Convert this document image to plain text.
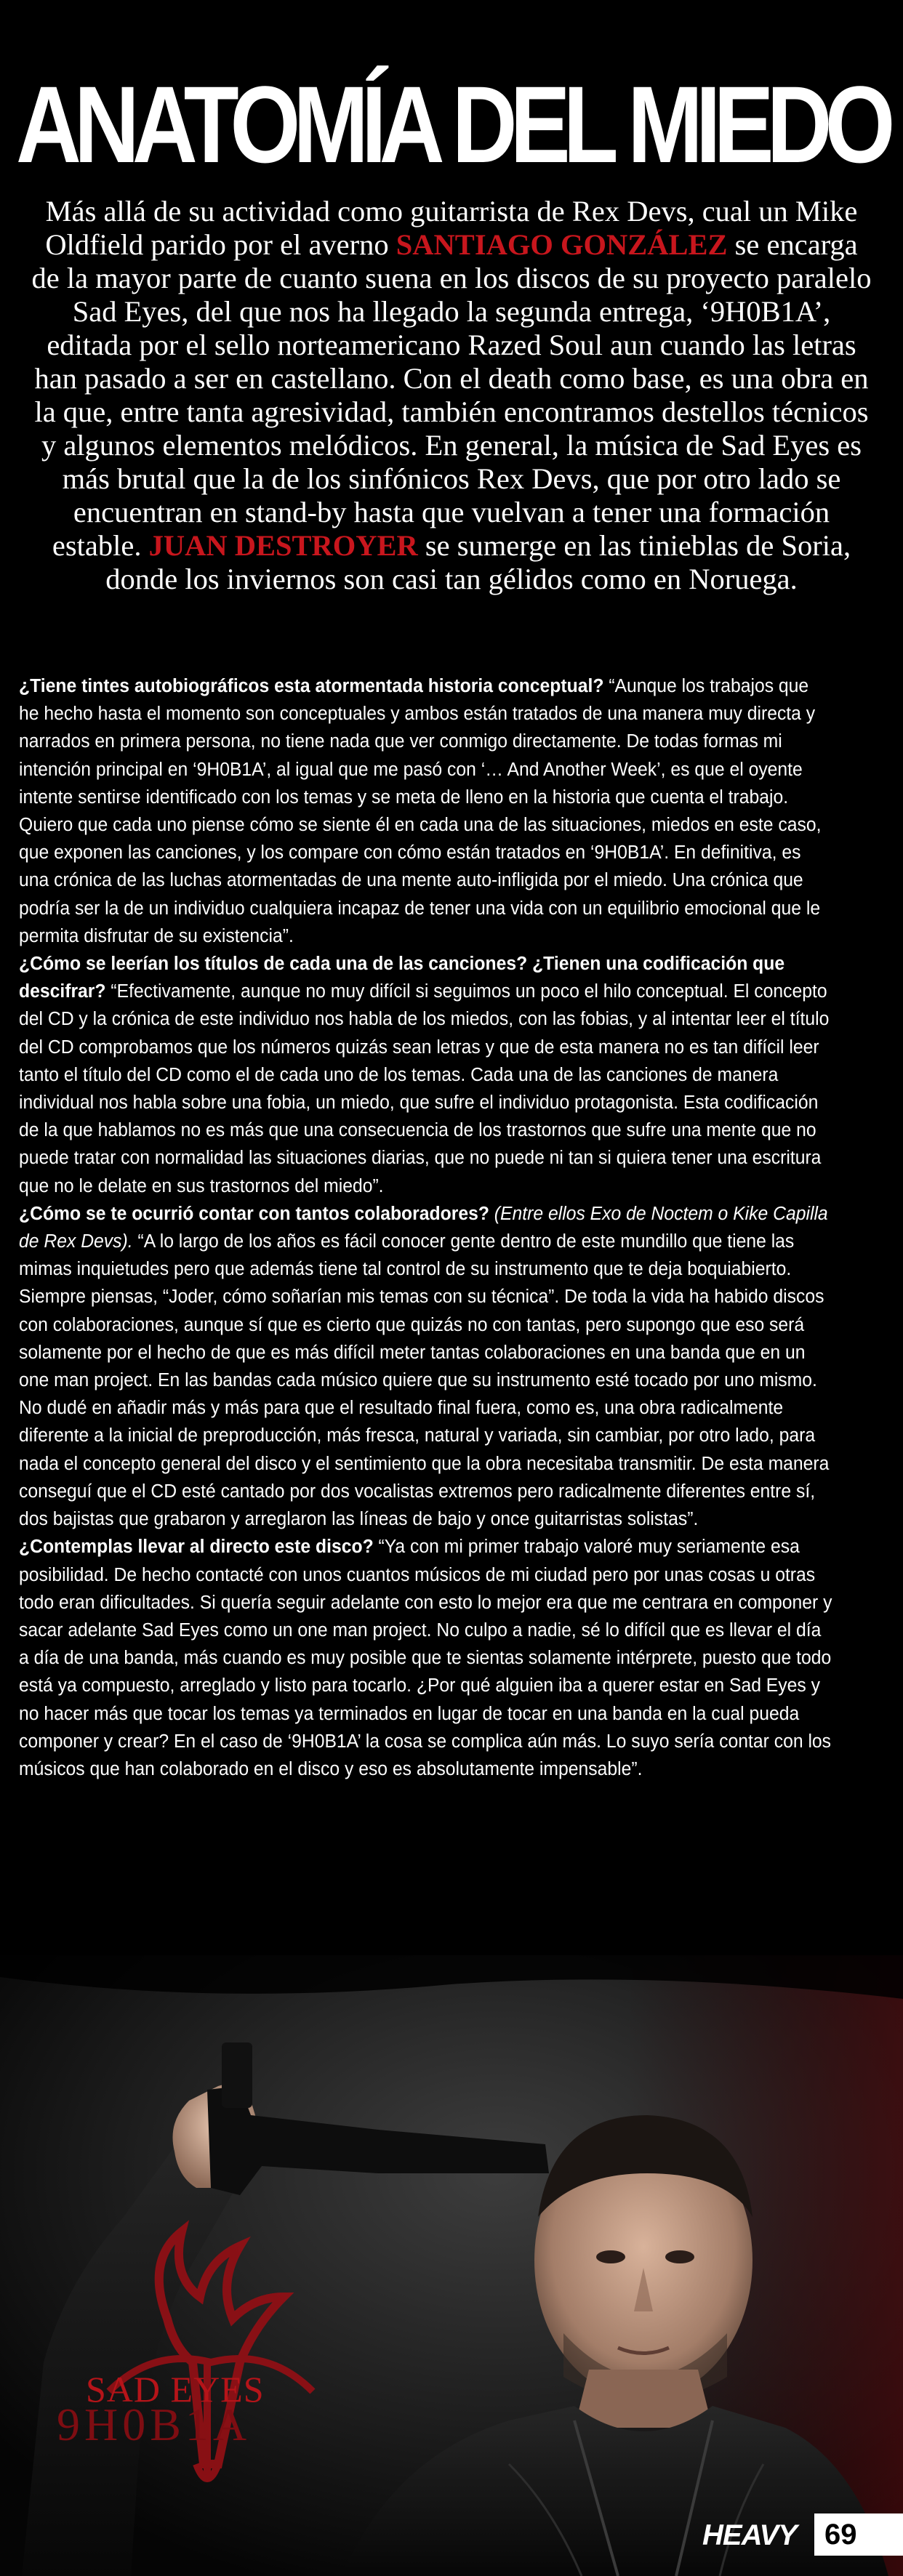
ANATOMÍA DEL MIEDO

Más allá de su actividad como guitarrista de Rex Devs, cual un Mike Oldfield parido por el averno SANTIAGO GONZÁLEZ se encarga de la mayor parte de cuanto suena en los discos de su proyecto paralelo Sad Eyes, del que nos ha llegado la segunda entrega, ‘9H0B1A’, editada por el sello norteamericano Razed Soul aun cuando las letras han pasado a ser en castellano. Con el death como base, es una obra en la que, entre tanta agresividad, también encontramos destellos técnicos y algunos elementos melódicos. En general, la música de Sad Eyes es más brutal que la de los sinfónicos Rex Devs, que por otro lado se encuentran en stand-by hasta que vuelvan a tener una formación estable. JUAN DESTROYER se sumerge en las tinieblas de Soria, donde los inviernos son casi tan gélidos como en Noruega.

¿Tiene tintes autobiográficos esta atormentada historia conceptual? “Aunque los trabajos que he hecho hasta el momento son conceptuales y ambos están tratados de una manera muy directa y narrados en primera persona, no tiene nada que ver conmigo directamente. De todas formas mi intención principal en ‘9H0B1A’, al igual que me pasó con ‘… And Another Week’, es que el oyente intente sentirse identificado con los temas y se meta de lleno en la historia que cuenta el trabajo. Quiero que cada uno piense cómo se siente él en cada una de las situaciones, miedos en este caso, que exponen las canciones, y los compare con cómo están tratados en ‘9H0B1A’. En definitiva, es una crónica de las luchas atormentadas de una mente auto-infligida por el miedo. Una crónica que podría ser la de un individuo cualquiera incapaz de tener una vida con un equilibrio emocional que le permita disfrutar de su existencia”.

¿Cómo se leerían los títulos de cada una de las canciones? ¿Tienen una codificación que descifrar? “Efectivamente, aunque no muy difícil si seguimos un poco el hilo conceptual. El concepto del CD y la crónica de este individuo nos habla de los miedos, con las fobias, y al intentar leer el título del CD comprobamos que los números quizás sean letras y que de esta manera no es tan difícil leer tanto el título del CD como el de cada uno de los temas. Cada una de las canciones de manera individual nos habla sobre una fobia, un miedo, que sufre el individuo protagonista. Esta codificación de la que hablamos no es más que una consecuencia de los trastornos que sufre una mente que no puede tratar con normalidad las situaciones diarias, que no puede ni tan si quiera tener una escritura que no le delate en sus trastornos del miedo”.

¿Cómo se te ocurrió contar con tantos colaboradores? (Entre ellos Exo de Noctem o Kike Capilla de Rex Devs). “A lo largo de los años es fácil conocer gente dentro de este mundillo que tiene las mimas inquietudes pero que además tiene tal control de su instrumento que te deja boquiabierto. Siempre piensas, “Joder, cómo soñarían mis temas con su técnica”. De toda la vida ha habido discos con colaboraciones, aunque sí que es cierto que quizás no con tantas, pero supongo que eso será solamente por el hecho de que es más difícil meter tantas colaboraciones en una banda que en un one man project. En las bandas cada músico quiere que su instrumento esté tocado por uno mismo. No dudé en añadir más y más para que el resultado final fuera, como es, una obra radicalmente diferente a la inicial de preproducción, más fresca, natural y variada, sin cambiar, por otro lado, para nada el concepto general del disco y el sentimiento que la obra necesitaba transmitir. De esta manera conseguí que el CD esté cantado por dos vocalistas extremos pero radicalmente diferentes entre sí, dos bajistas que grabaron y arreglaron las líneas de bajo y once guitarristas solistas”.

¿Contemplas llevar al directo este disco? “Ya con mi primer trabajo valoré muy seriamente esa posibilidad. De hecho contacté con unos cuantos músicos de mi ciudad pero por unas cosas u otras todo eran dificultades. Si quería seguir adelante con esto lo mejor era que me centrara en componer y sacar adelante Sad Eyes como un one man project. No culpo a nadie, sé lo difícil que es llevar el día a día de una banda, más cuando es muy posible que te sientas solamente intérprete, puesto que todo está ya compuesto, arreglado y listo para tocarlo. ¿Por qué alguien iba a querer estar en Sad Eyes y no hacer más que tocar los temas ya terminados en lugar de tocar en una banda en la cual pueda componer y crear? En el caso de ‘9H0B1A’ la cosa se complica aún más. Lo suyo sería contar con los músicos que han colaborado en el disco y eso es absolutamente impensable”.

SAD EYES

9H0B1A

HEAVY 69
